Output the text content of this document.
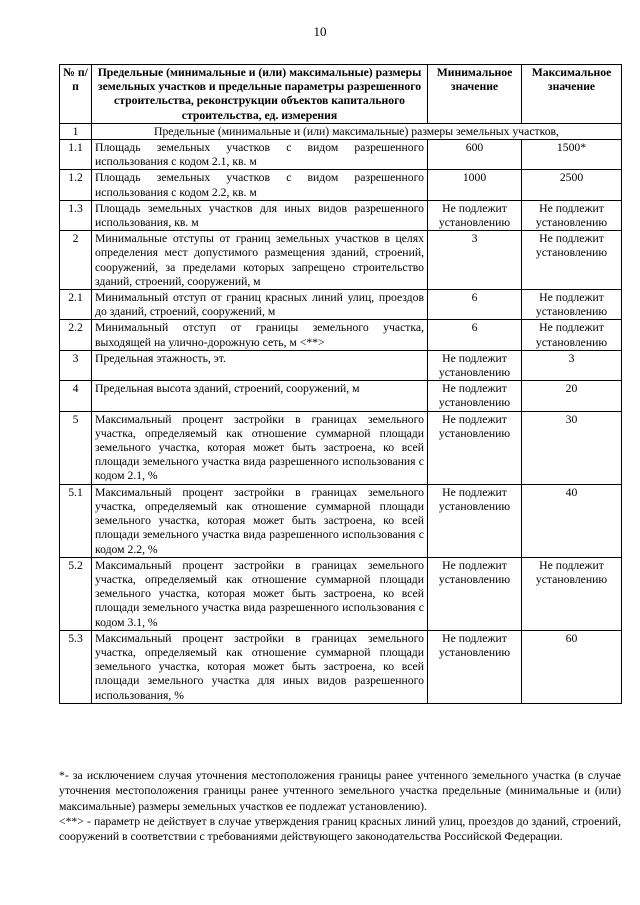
10
№ п/п	Предельные (минимальные и (или) максимальные) размеры земельных участков и предельные параметры разрешенного строительства, реконструкции объектов капитального строительства, ед. измерения	Минимальное значение	Максимальное значение
1	Предельные (минимальные и (или) максимальные) размеры земельных участков,		
1.1	Площадь земельных участков с видом разрешенного использования с кодом 2.1, кв. м	600	1500*
1.2	Площадь земельных участков с видом разрешенного использования с кодом 2.2, кв. м	1000	2500
1.3	Площадь земельных участков для иных видов разрешенного использования, кв. м	Не подлежит установлению	Не подлежит установлению
2	Минимальные отступы от границ земельных участков в целях определения мест допустимого размещения зданий, строений, сооружений, за пределами которых запрещено строительство зданий, строений, сооружений, м	3	Не подлежит установлению
2.1	Минимальный отступ от границ красных линий улиц, проездов до зданий, строений, сооружений, м	6	Не подлежит установлению
2.2	Минимальный отступ от границы земельного участка, выходящей на улично-дорожную сеть, м <**>	6	Не подлежит установлению
3	Предельная этажность, эт.	Не подлежит установлению	3
4	Предельная высота зданий, строений, сооружений, м	Не подлежит установлению	20
5	Максимальный процент застройки в границах земельного участка, определяемый как отношение суммарной площади земельного участка, которая может быть застроена, ко всей площади земельного участка вида разрешенного использования с кодом 2.1, %	Не подлежит установлению	30
5.1	Максимальный процент застройки в границах земельного участка, определяемый как отношение суммарной площади земельного участка, которая может быть застроена, ко всей площади земельного участка вида разрешенного использования с кодом 2.2, %	Не подлежит установлению	40
5.2	Максимальный процент застройки в границах земельного участка, определяемый как отношение суммарной площади земельного участка, которая может быть застроена, ко всей площади земельного участка вида разрешенного использования с кодом 3.1, %	Не подлежит установлению	Не подлежит установлению
5.3	Максимальный процент застройки в границах земельного участка, определяемый как отношение суммарной площади земельного участка, которая может быть застроена, ко всей площади земельного участка для иных видов разрешенного использования, %	Не подлежит установлению	60

*- за исключением случая уточнения местоположения границы ранее учтенного земельного участка (в случае уточнения местоположения границы ранее учтенного земельного участка предельные (минимальные и (или) максимальные) размеры земельных участков ее подлежат установлению).

<**> - параметр не действует в случае утверждения границ красных линий улиц, проездов до зданий, строений, сооружений в соответствии с требованиями действующего законодательства Российской Федерации.
